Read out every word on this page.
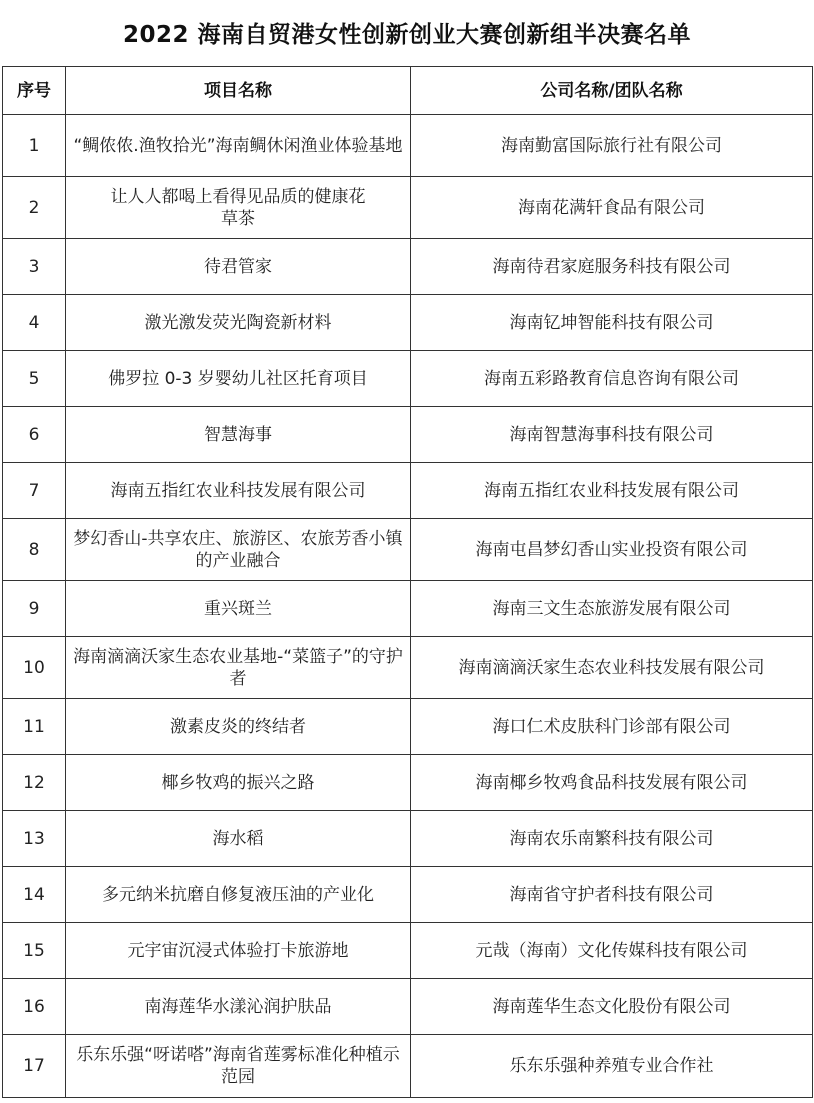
2022 海南自贸港女性创新创业大赛创新组半决赛名单
序号	项目名称	公司名称/团队名称
1	“鲷侬侬.渔牧拾光”海南鲷休闲渔业体验基地	海南勤富国际旅行社有限公司
2	让人人都喝上看得见品质的健康花草茶	海南花满轩食品有限公司
3	待君管家	海南待君家庭服务科技有限公司
4	激光激发荧光陶瓷新材料	海南钇坤智能科技有限公司
5	佛罗拉 0-3 岁婴幼儿社区托育项目	海南五彩路教育信息咨询有限公司
6	智慧海事	海南智慧海事科技有限公司
7	海南五指红农业科技发展有限公司	海南五指红农业科技发展有限公司
8	梦幻香山-共享农庄、旅游区、农旅芳香小镇的产业融合	海南屯昌梦幻香山实业投资有限公司
9	重兴斑兰	海南三文生态旅游发展有限公司
10	海南滴滴沃家生态农业基地-“菜篮子”的守护者	海南滴滴沃家生态农业科技发展有限公司
11	激素皮炎的终结者	海口仁术皮肤科门诊部有限公司
12	椰乡牧鸡的振兴之路	海南椰乡牧鸡食品科技发展有限公司
13	海水稻	海南农乐南繁科技有限公司
14	多元纳米抗磨自修复液压油的产业化	海南省守护者科技有限公司
15	元宇宙沉浸式体验打卡旅游地	元哉（海南）文化传媒科技有限公司
16	南海莲华水漾沁润护肤品	海南莲华生态文化股份有限公司
17	乐东乐强“呀诺嗒”海南省莲雾标准化种植示范园	乐东乐强种养殖专业合作社
